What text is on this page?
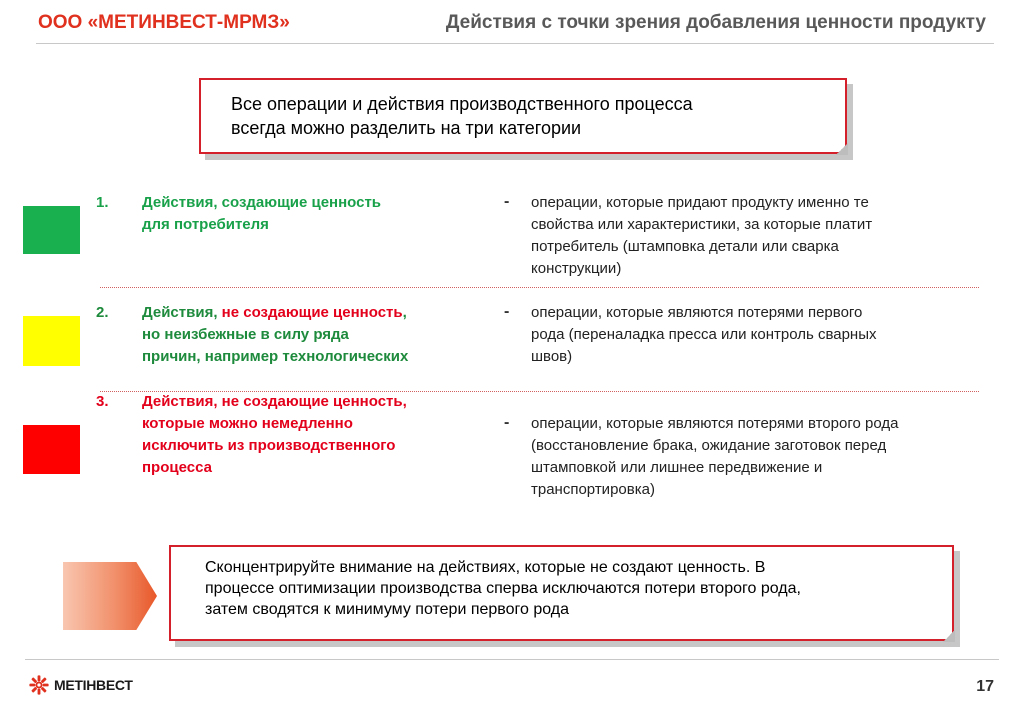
ООО «МЕТИНВЕСТ-МРМЗ»	Действия с точки зрения добавления ценности продукту
Все операции и действия производственного процесса
всегда можно разделить на три категории
1. Действия, создающие ценность
для потребителя
- операции, которые придают продукту именно те
свойства или характеристики, за которые платит
потребитель (штамповка детали или сварка
конструкции)
2. Действия, не создающие ценность,
но неизбежные в силу ряда
причин, например технологических
- операции, которые являются потерями первого
рода (переналадка пресса или контроль сварных
швов)
3. Действия, не создающие ценность,
которые можно немедленно
исключить из производственного
процесса
- операции, которые являются потерями второго рода
(восстановление брака, ожидание заготовок перед
штамповкой или лишнее передвижение и
транспортировка)
Сконцентрируйте внимание на действиях, которые не создают ценность. В
процессе оптимизации производства сперва исключаются потери второго рода,
затем сводятся к минимуму потери первого рода
МЕТІНВЕСТ	17
